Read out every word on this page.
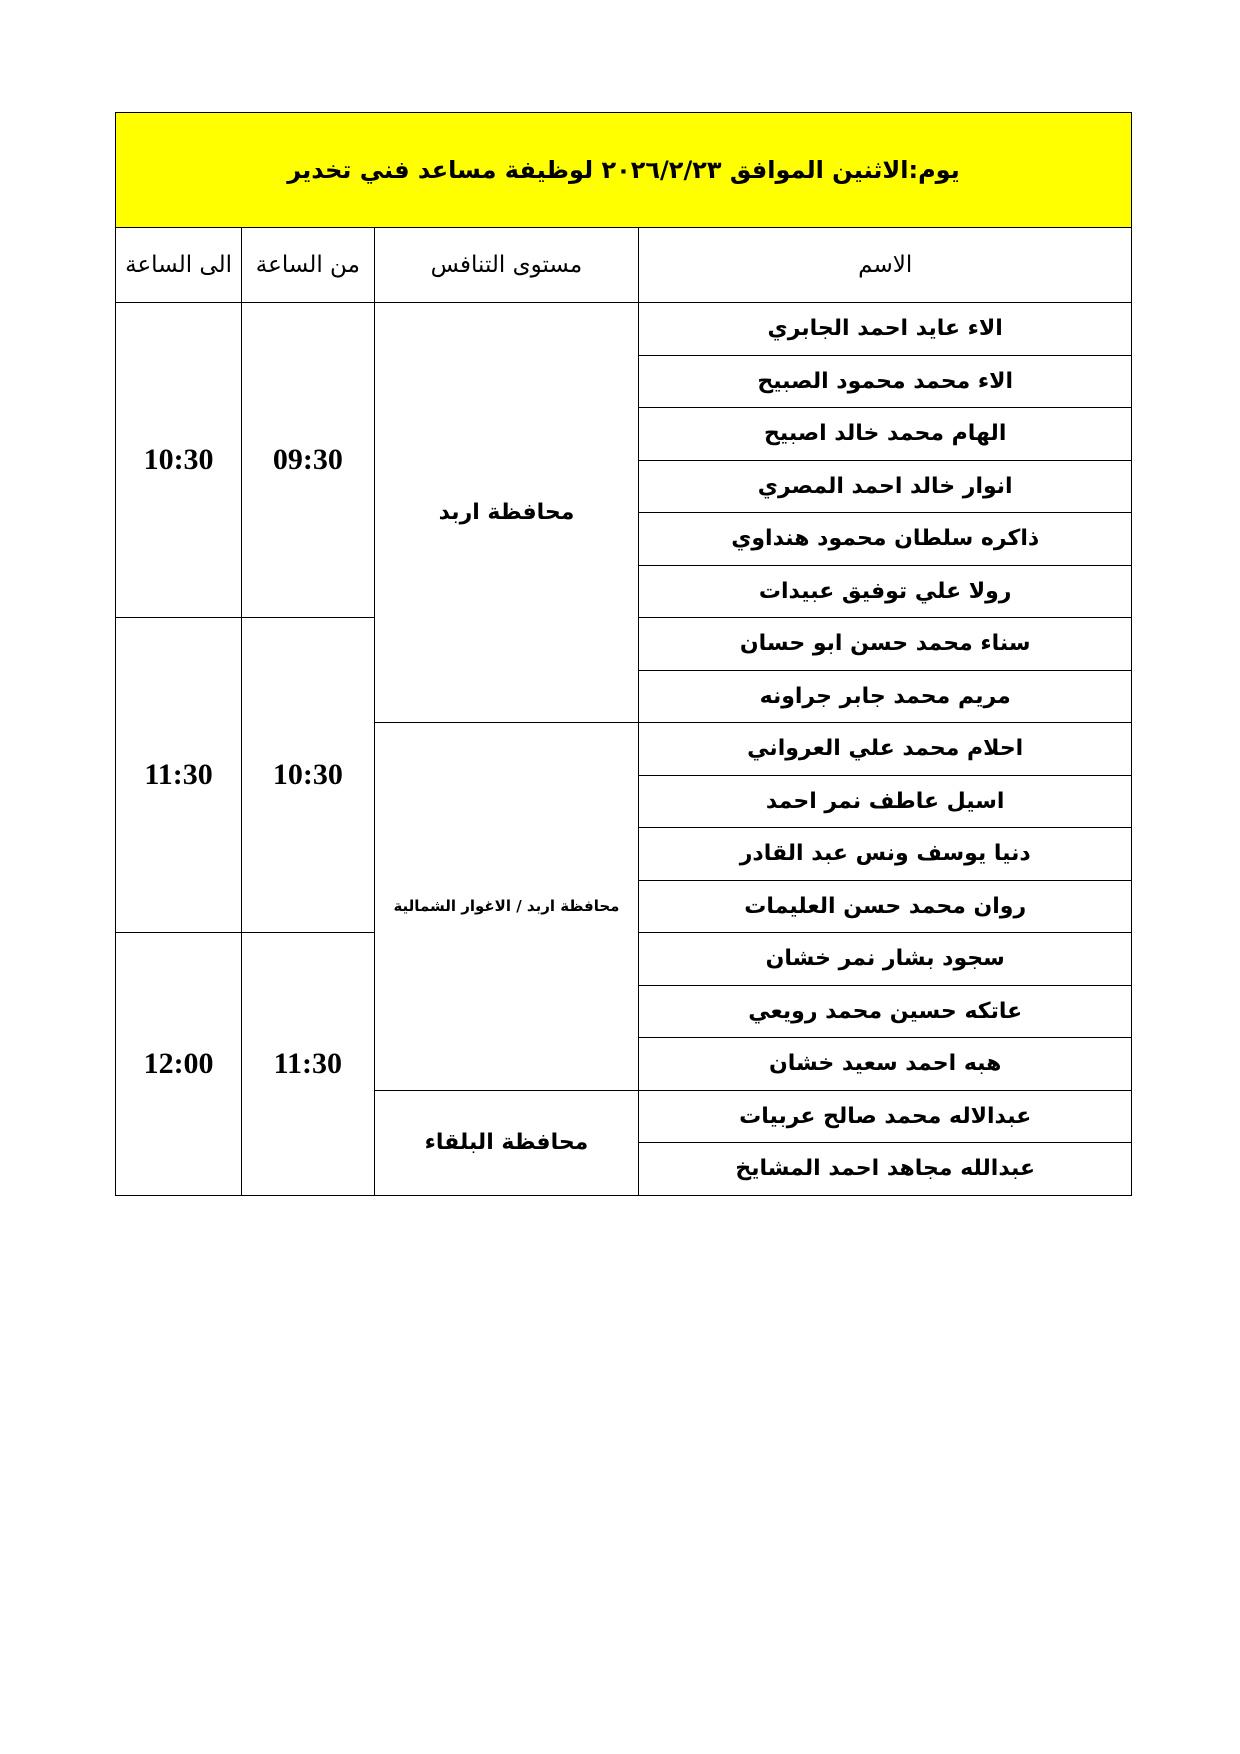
يوم:الاثنين الموافق ٢٠٢٦/٢/٢٣ لوظيفة مساعد فني تخدير			
الاسم	مستوى التنافس	من الساعة	الى الساعة
الاء عايد احمد الجابري	محافظة اربد	09:30	10:30
الاء محمد محمود الصبيح			
الهام محمد خالد اصبيح			
انوار خالد احمد المصري			
ذاكره سلطان محمود هنداوي			
رولا علي توفيق عبيدات			
سناء محمد حسن ابو حسان		10:30	11:30
مريم محمد جابر جراونه			
احلام محمد علي العرواني	محافظة اربد / الاغوار الشمالية		
اسيل عاطف نمر احمد			
دنيا يوسف ونس عبد القادر			
روان محمد حسن العليمات			
سجود بشار نمر خشان		11:30	12:00
عاتكه حسين محمد رويعي			
هبه احمد سعيد خشان			
عبدالاله محمد صالح عربيات	محافظة البلقاء		
عبدالله مجاهد احمد المشايخ			
